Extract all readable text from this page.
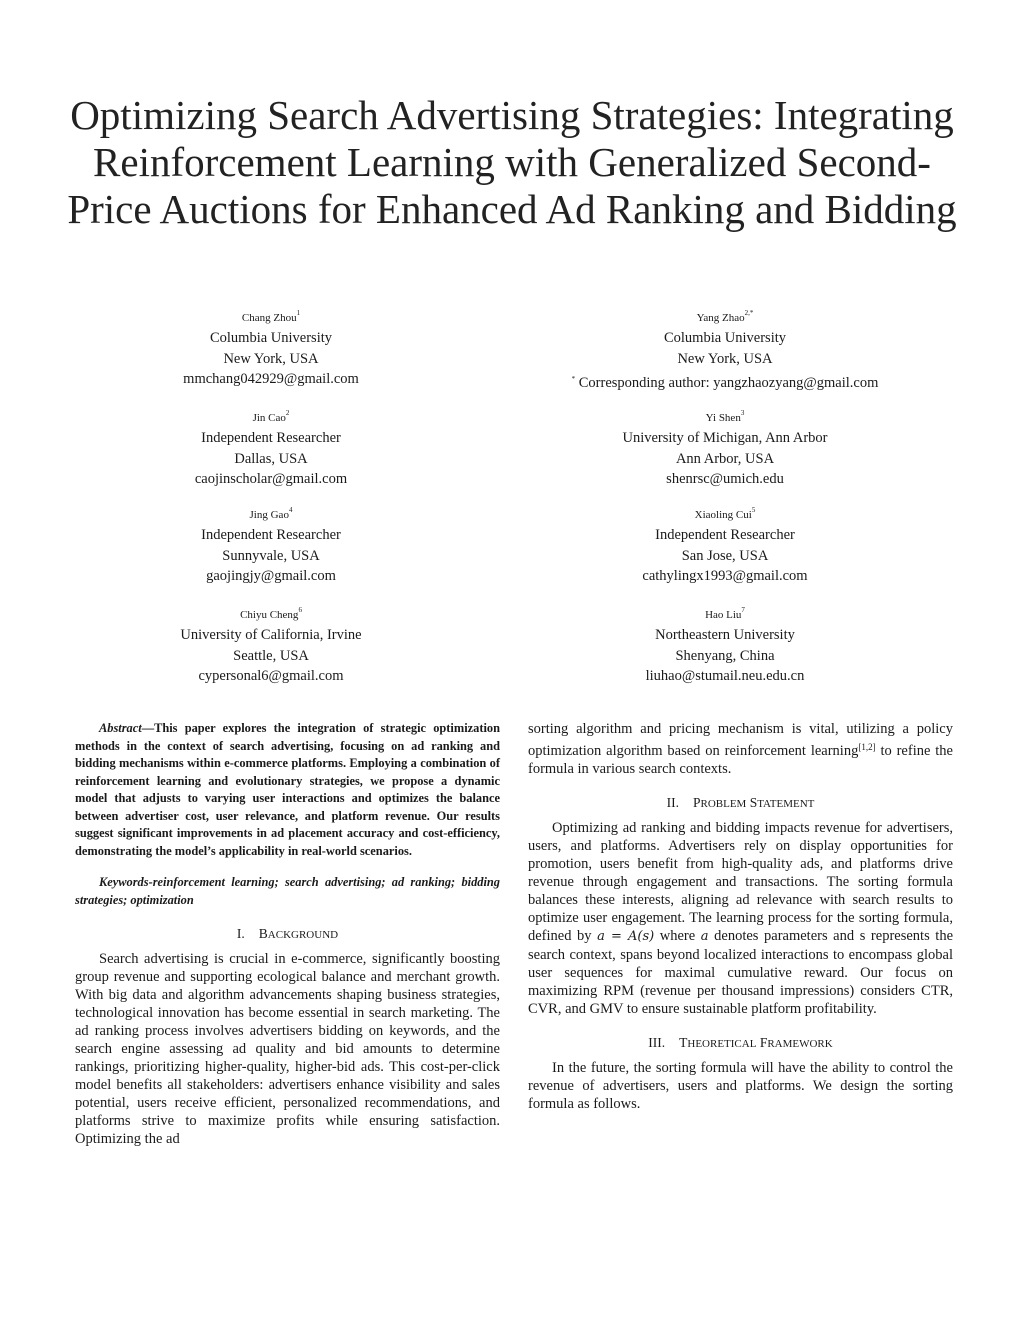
Optimizing Search Advertising Strategies: Integrating Reinforcement Learning with Generalized Second-Price Auctions for Enhanced Ad Ranking and Bidding
Chang Zhou$^1$
Columbia University
New York, USA
mmchang042929@gmail.com
Yang Zhao$^{2,*}$
Columbia University
New York, USA
* Corresponding author: yangzhaozyang@gmail.com
Jin Cao$^2$
Independent Researcher
Dallas, USA
caojinscholar@gmail.com
Yi Shen$^3$
University of Michigan, Ann Arbor
Ann Arbor, USA
shenrsc@umich.edu
Jing Gao$^4$
Independent Researcher
Sunnyvale, USA
gaojingjy@gmail.com
Xiaoling Cui$^5$
Independent Researcher
San Jose, USA
cathylingx1993@gmail.com
Chiyu Cheng$^6$
University of California, Irvine
Seattle, USA
cypersonal6@gmail.com
Hao Liu$^7$
Northeastern University
Shenyang, China
liuhao@stumail.neu.edu.cn

Abstract—This paper explores the integration of strategic optimization methods in the context of search advertising, focusing on ad ranking and bidding mechanisms within e-commerce platforms. Employing a combination of reinforcement learning and evolutionary strategies, we propose a dynamic model that adjusts to varying user interactions and optimizes the balance between advertiser cost, user relevance, and platform revenue. Our results suggest significant improvements in ad placement accuracy and cost-efficiency, demonstrating the model’s applicability in real-world scenarios.

Keywords-reinforcement learning; search advertising; ad ranking; bidding strategies; optimization

I. BACKGROUND

Search advertising is crucial in e-commerce, significantly boosting group revenue and supporting ecological balance and merchant growth. With big data and algorithm advancements shaping business strategies, technological innovation has become essential in search marketing. The ad ranking process involves advertisers bidding on keywords, and the search engine assessing ad quality and bid amounts to determine rankings, prioritizing higher-quality, higher-bid ads. This cost-per-click model benefits all stakeholders: advertisers enhance visibility and sales potential, users receive efficient, personalized recommendations, and platforms strive to maximize profits while ensuring satisfaction. Optimizing the ad

sorting algorithm and pricing mechanism is vital, utilizing a policy optimization algorithm based on reinforcement learning[1,2] to refine the formula in various search contexts.

II. PROBLEM STATEMENT

Optimizing ad ranking and bidding impacts revenue for advertisers, users, and platforms. Advertisers rely on display opportunities for promotion, users benefit from high-quality ads, and platforms drive revenue through engagement and transactions. The sorting formula balances these interests, aligning ad relevance with search results to optimize user engagement. The learning process for the sorting formula, defined by a = A(s) where a denotes parameters and s represents the search context, spans beyond localized interactions to encompass global user sequences for maximal cumulative reward. Our focus on maximizing RPM (revenue per thousand impressions) considers CTR, CVR, and GMV to ensure sustainable platform profitability.

III. THEORETICAL FRAMEWORK

In the future, the sorting formula will have the ability to control the revenue of advertisers, users and platforms. We design the sorting formula as follows.
